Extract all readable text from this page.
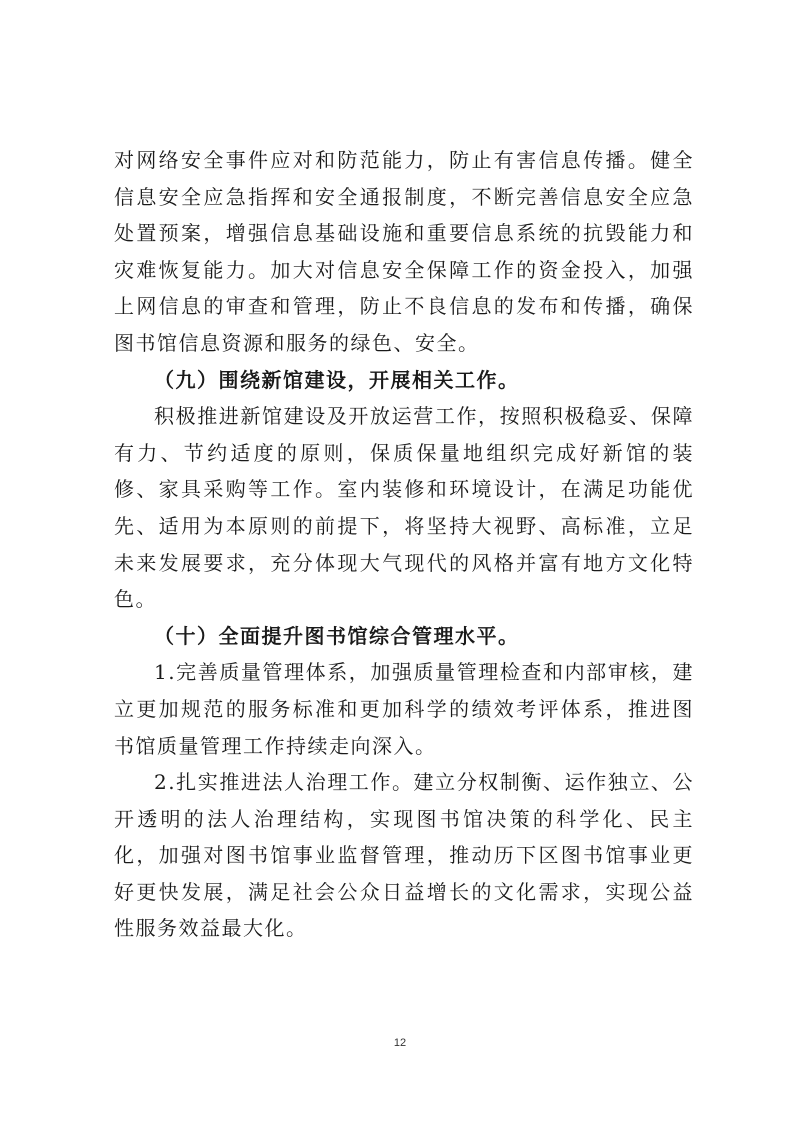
对网络安全事件应对和防范能力，防止有害信息传播。健全信息安全应急指挥和安全通报制度，不断完善信息安全应急处置预案，增强信息基础设施和重要信息系统的抗毁能力和灾难恢复能力。加大对信息安全保障工作的资金投入，加强上网信息的审查和管理，防止不良信息的发布和传播，确保图书馆信息资源和服务的绿色、安全。

（九）围绕新馆建设，开展相关工作。

积极推进新馆建设及开放运营工作，按照积极稳妥、保障有力、节约适度的原则，保质保量地组织完成好新馆的装修、家具采购等工作。室内装修和环境设计，在满足功能优先、适用为本原则的前提下，将坚持大视野、高标准，立足未来发展要求，充分体现大气现代的风格并富有地方文化特色。

（十）全面提升图书馆综合管理水平。

1.完善质量管理体系，加强质量管理检查和内部审核，建立更加规范的服务标准和更加科学的绩效考评体系，推进图书馆质量管理工作持续走向深入。

2.扎实推进法人治理工作。建立分权制衡、运作独立、公开透明的法人治理结构，实现图书馆决策的科学化、民主化，加强对图书馆事业监督管理，推动历下区图书馆事业更好更快发展，满足社会公众日益增长的文化需求，实现公益性服务效益最大化。

12
